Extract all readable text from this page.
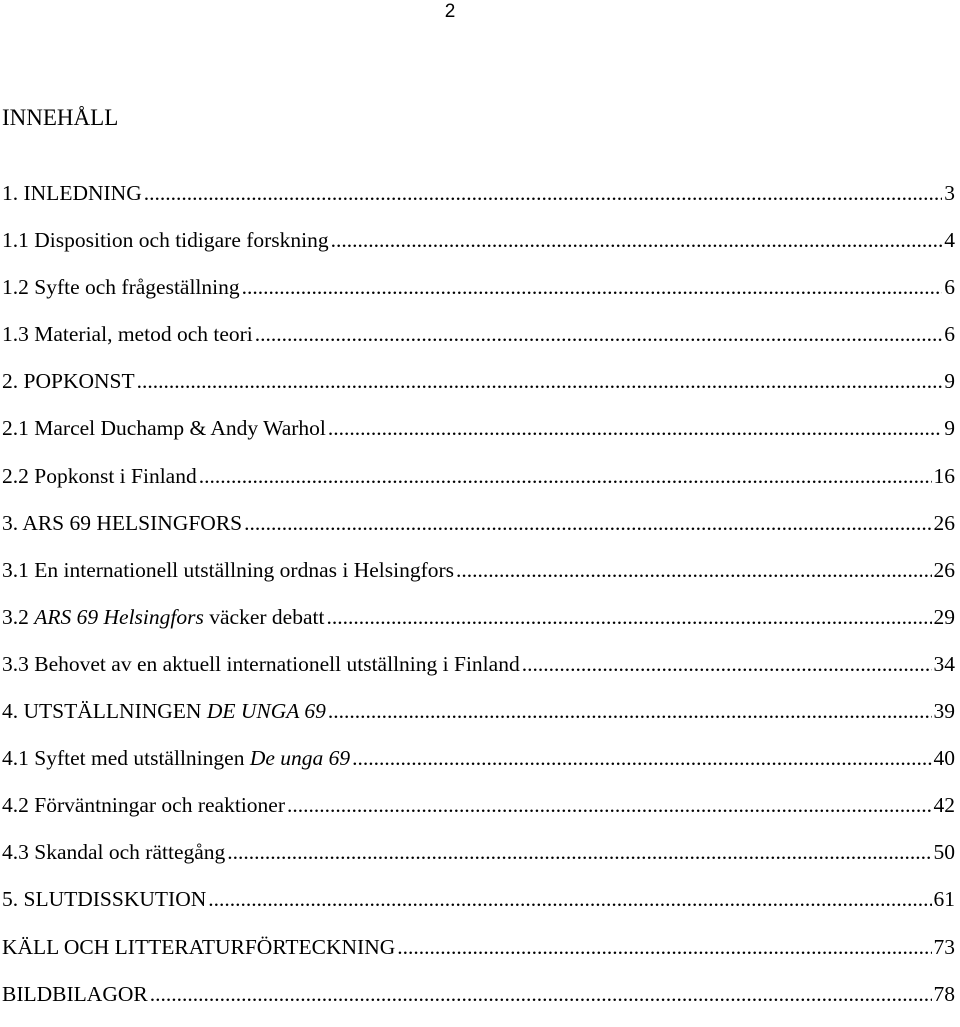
2
INNEHÅLL
1. INLEDNING .....	3
1.1 Disposition och tidigare forskning .....	4
1.2 Syfte och frågeställning .....	6
1.3 Material, metod och teori .....	6
2. POPKONST .....	9
2.1 Marcel Duchamp & Andy Warhol .....	9
2.2 Popkonst i Finland .....	16
3. ARS 69 HELSINGFORS .....	26
3.1 En internationell utställning ordnas i Helsingfors .....	26
3.2 ARS 69 Helsingfors väcker debatt .....	29
3.3 Behovet av en aktuell internationell utställning i Finland .....	34
4. UTSTÄLLNINGEN DE UNGA 69 .....	39
4.1 Syftet med utställningen De unga 69 .....	40
4.2 Förväntningar och reaktioner .....	42
4.3 Skandal och rättegång .....	50
5. SLUTDISSKUTION .....	61
KÄLL OCH LITTERATURFÖRTECKNING .....	73
BILDBILAGOR .....	78
